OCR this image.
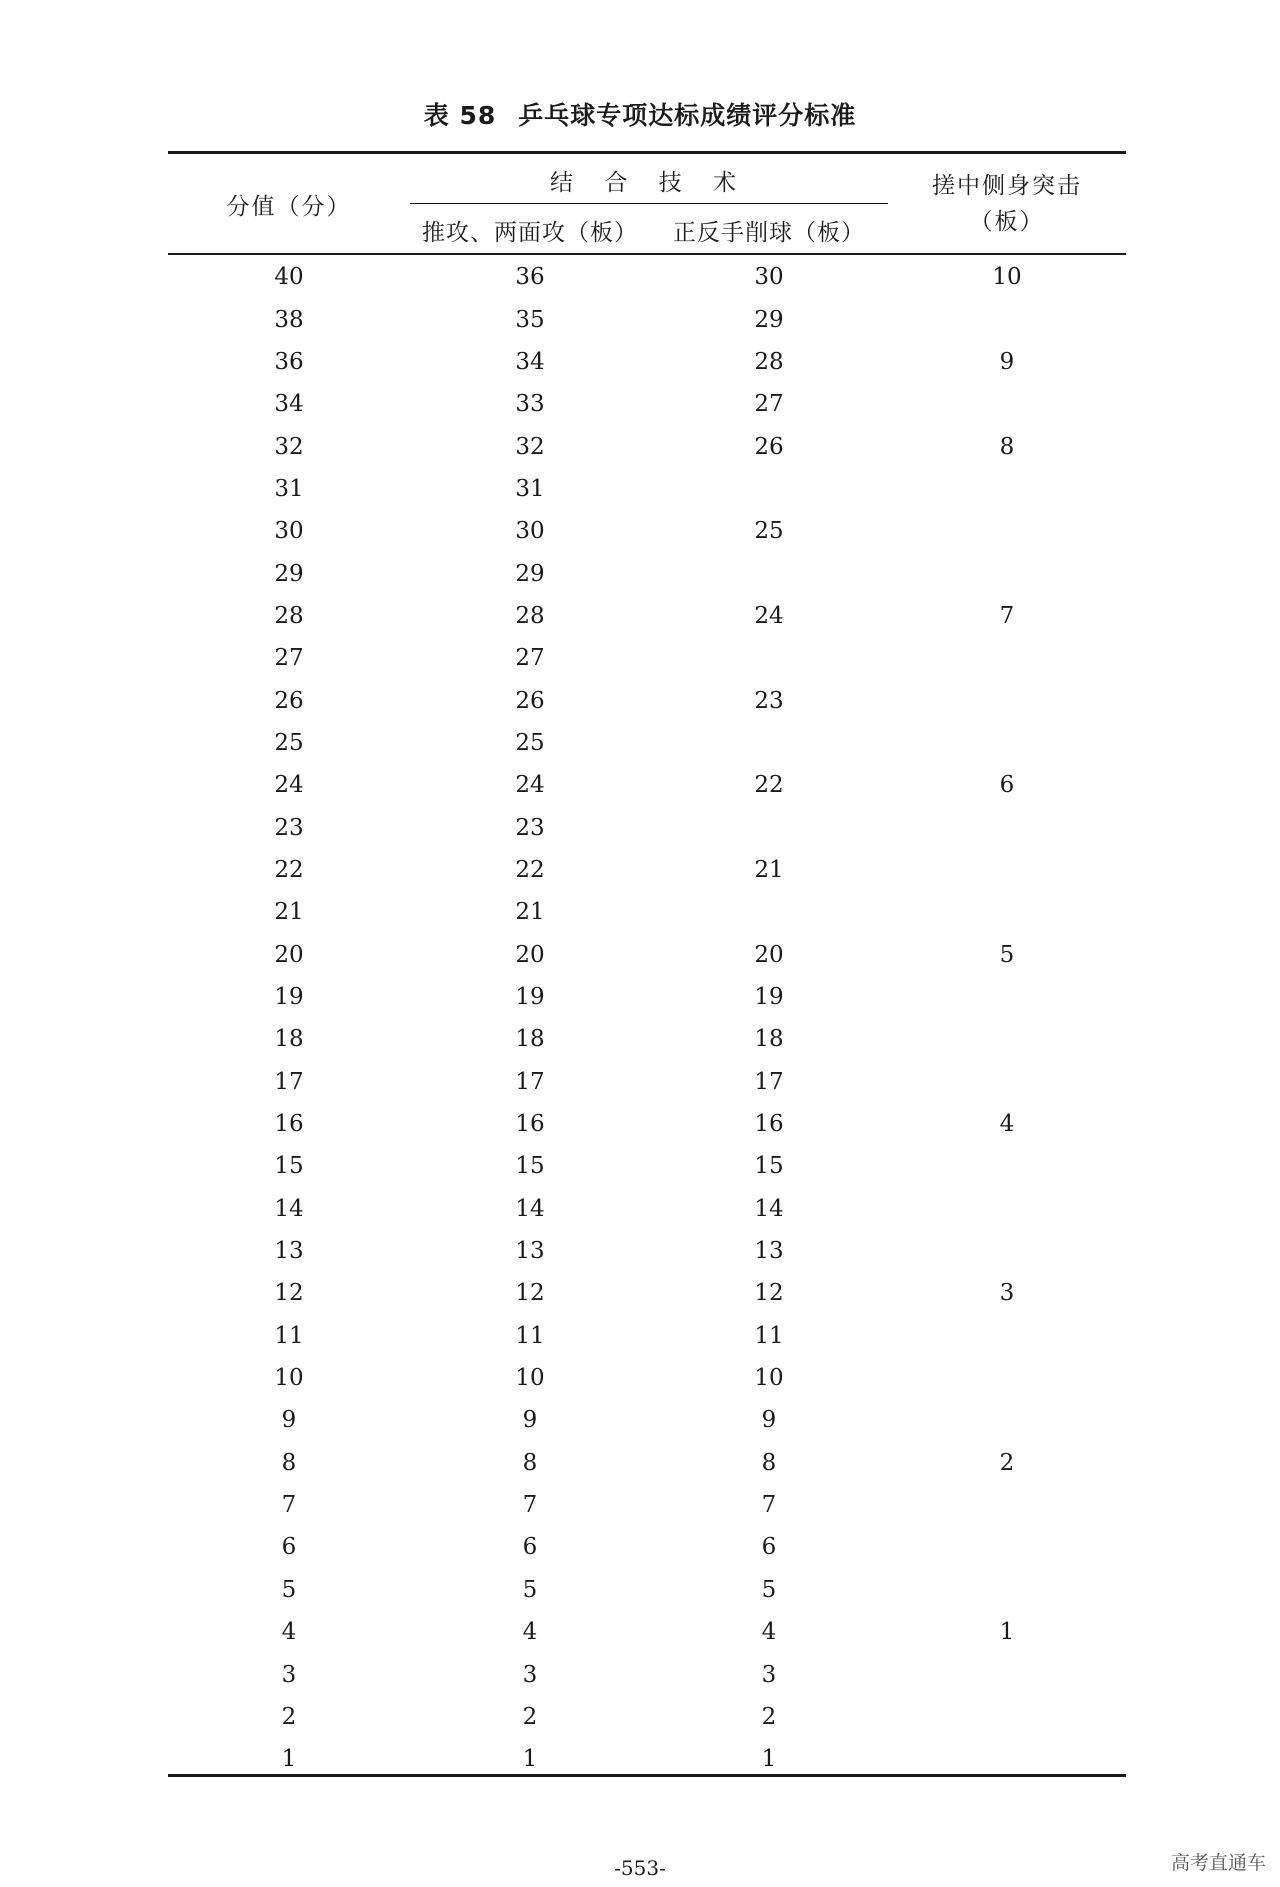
表 58 乒乓球专项达标成绩评分标准
分值（分）
结 合 技 术
推攻、两面攻（板）	正反手削球（板）
搓中侧身突击
（板）
40	36	30	10
38	35	29
36	34	28	9
34	33	27
32	32	26	8
31	31
30	30	25
29	29
28	28	24	7
27	27
26	26	23
25	25
24	24	22	6
23	23
22	22	21
21	21
20	20	20	5
19	19	19
18	18	18
17	17	17
16	16	16	4
15	15	15
14	14	14
13	13	13
12	12	12	3
11	11	11
10	10	10
9	9	9
8	8	8	2
7	7	7
6	6	6
5	5	5
4	4	4	1
3	3	3
2	2	2
1	1	1
-553-	高考直通车
